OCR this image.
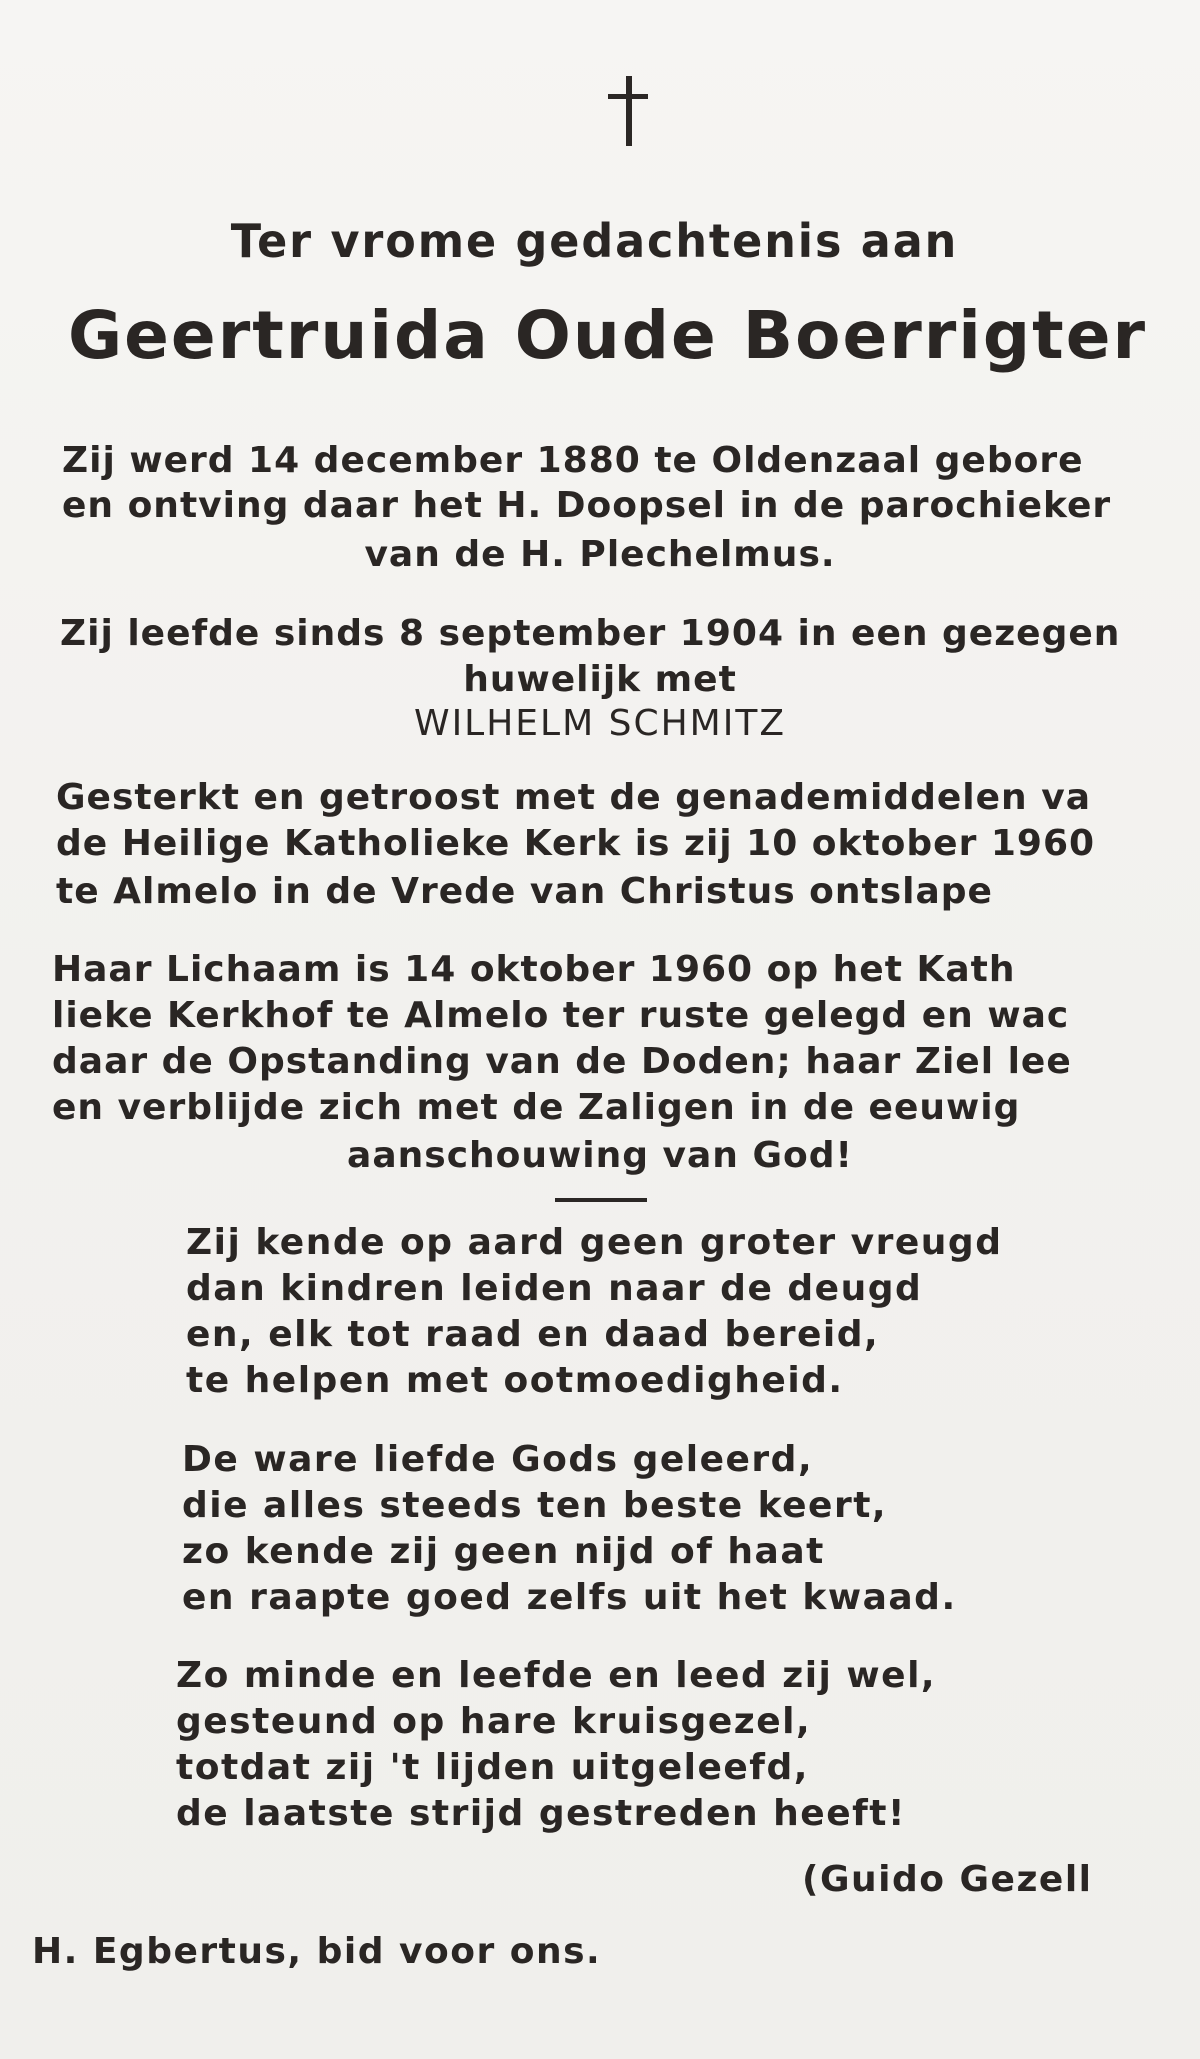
Ter vrome gedachtenis aan
Geertruida Oude Boerrigter
Zij werd 14 december 1880 te Oldenzaal gebore
en ontving daar het H. Doopsel in de parochieker
van de H. Plechelmus.
Zij leefde sinds 8 september 1904 in een gezegen
huwelijk met
WILHELM SCHMITZ
Gesterkt en getroost met de genademiddelen va
de Heilige Katholieke Kerk is zij 10 oktober 1960
te Almelo in de Vrede van Christus ontslape
Haar Lichaam is 14 oktober 1960 op het Kath
lieke Kerkhof te Almelo ter ruste gelegd en wac
daar de Opstanding van de Doden; haar Ziel lee
en verblijde zich met de Zaligen in de eeuwig
aanschouwing van God!
Zij kende op aard geen groter vreugd
dan kindren leiden naar de deugd
en, elk tot raad en daad bereid,
te helpen met ootmoedigheid.
De ware liefde Gods geleerd,
die alles steeds ten beste keert,
zo kende zij geen nijd of haat
en raapte goed zelfs uit het kwaad.
Zo minde en leefde en leed zij wel,
gesteund op hare kruisgezel,
totdat zij 't lijden uitgeleefd,
de laatste strijd gestreden heeft!
(Guido Gezell
H. Egbertus, bid voor ons.
